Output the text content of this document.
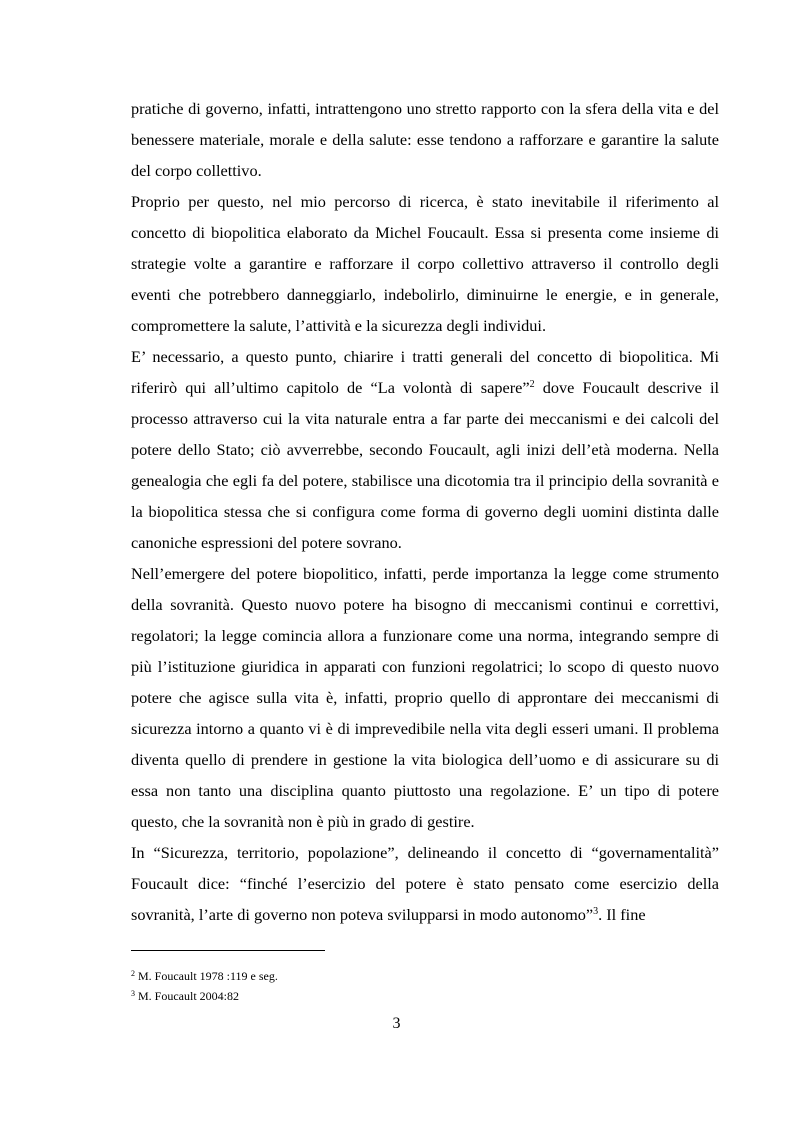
pratiche di governo, infatti, intrattengono uno stretto rapporto con la sfera della vita e del benessere materiale, morale e della salute: esse tendono a rafforzare e garantire la salute del corpo collettivo.

Proprio per questo, nel mio percorso di ricerca, è stato inevitabile il riferimento al concetto di biopolitica elaborato da Michel Foucault. Essa si presenta come insieme di strategie volte a garantire e rafforzare il corpo collettivo attraverso il controllo degli eventi che potrebbero danneggiarlo, indebolirlo, diminuirne le energie, e in generale, compromettere la salute, l’attività e la sicurezza degli individui.

E’ necessario, a questo punto, chiarire i tratti generali del concetto di biopolitica. Mi riferirò qui all’ultimo capitolo de “La volontà di sapere”$^2$ dove Foucault descrive il processo attraverso cui la vita naturale entra a far parte dei meccanismi e dei calcoli del potere dello Stato; ciò avverrebbe, secondo Foucault, agli inizi dell’età moderna. Nella genealogia che egli fa del potere, stabilisce una dicotomia tra il principio della sovranità e la biopolitica stessa che si configura come forma di governo degli uomini distinta dalle canoniche espressioni del potere sovrano.

Nell’emergere del potere biopolitico, infatti, perde importanza la legge come strumento della sovranità. Questo nuovo potere ha bisogno di meccanismi continui e correttivi, regolatori; la legge comincia allora a funzionare come una norma, integrando sempre di più l’istituzione giuridica in apparati con funzioni regolatrici; lo scopo di questo nuovo potere che agisce sulla vita è, infatti, proprio quello di approntare dei meccanismi di sicurezza intorno a quanto vi è di imprevedibile nella vita degli esseri umani. Il problema diventa quello di prendere in gestione la vita biologica dell’uomo e di assicurare su di essa non tanto una disciplina quanto piuttosto una regolazione. E’ un tipo di potere questo, che la sovranità non è più in grado di gestire.

In “Sicurezza, territorio, popolazione”, delineando il concetto di “governamentalità” Foucault dice: “finché l’esercizio del potere è stato pensato come esercizio della sovranità, l’arte di governo non poteva svilupparsi in modo autonomo”$^3$. Il fine

$^2$ M. Foucault 1978 :119 e seg.

$^3$ M. Foucault 2004:82

3
